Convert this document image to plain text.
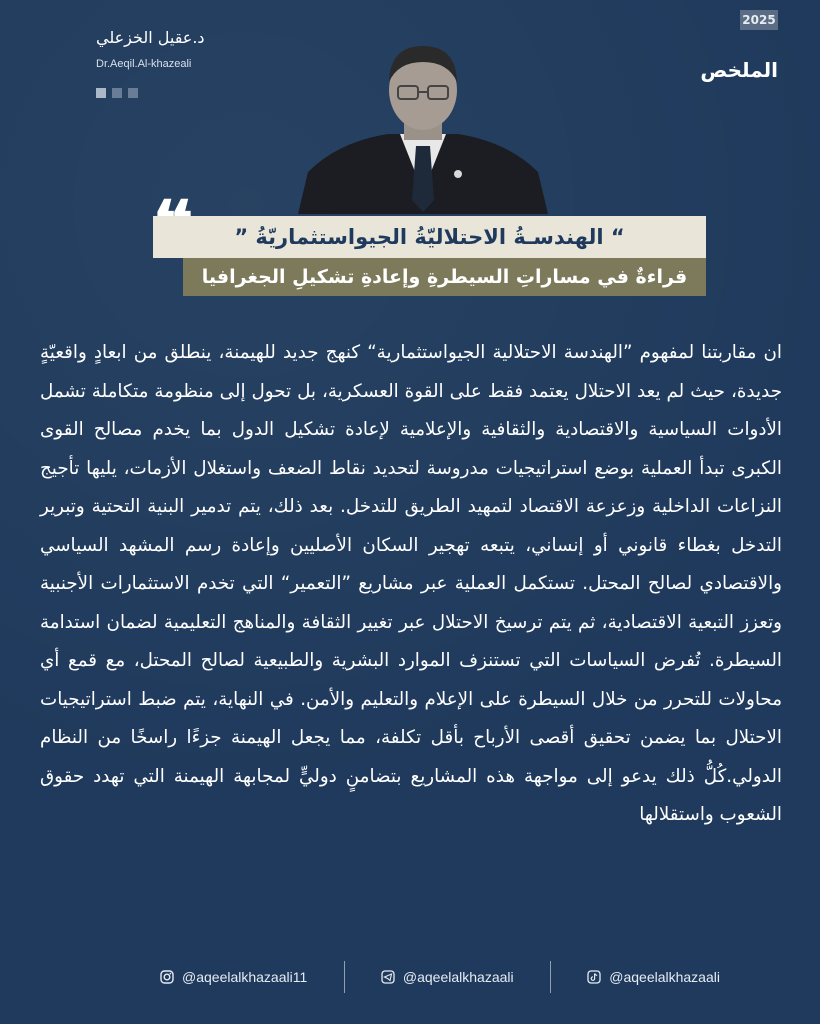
2025
الملخص
د.عقيل الخزعلي
Dr.Aeqil.Al-khazeali
“ الهندسـةُ الاحتلاليّةُ الجيواستثماريّةُ ”
قراءةٌ في مساراتِ السيطرةِ وإعادةِ تشكيلِ الجغرافيا
ان مقاربتنا لمفهوم ”الهندسة الاحتلالية الجيواستثمارية“ كنهج جديد للهيمنة، ينطلق من ابعادٍ واقعيّةٍ جديدة، حيث لم يعد الاحتلال يعتمد فقط على القوة العسكرية، بل تحول إلى منظومة متكاملة تشمل الأدوات السياسية والاقتصادية والثقافية والإعلامية لإعادة تشكيل الدول بما يخدم مصالح القوى الكبرى تبدأ العملية بوضع استراتيجيات مدروسة لتحديد نقاط الضعف واستغلال الأزمات، يليها تأجيج النزاعات الداخلية وزعزعة الاقتصاد لتمهيد الطريق للتدخل. بعد ذلك، يتم تدمير البنية التحتية وتبرير التدخل بغطاء قانوني أو إنساني، يتبعه تهجير السكان الأصليين وإعادة رسم المشهد السياسي والاقتصادي لصالح المحتل. تستكمل العملية عبر مشاريع ”التعمير“ التي تخدم الاستثمارات الأجنبية وتعزز التبعية الاقتصادية، ثم يتم ترسيخ الاحتلال عبر تغيير الثقافة والمناهج التعليمية لضمان استدامة السيطرة. تُفرض السياسات التي تستنزف الموارد البشرية والطبيعية لصالح المحتل، مع قمع أي محاولات للتحرر من خلال السيطرة على الإعلام والتعليم والأمن. في النهاية، يتم ضبط استراتيجيات الاحتلال بما يضمن تحقيق أقصى الأرباح بأقل تكلفة، مما يجعل الهيمنة جزءًا راسخًا من النظام الدولي.كُلُّ ذلك يدعو إلى مواجهة هذه المشاريع بتضامنٍ دوليٍّ لمجابهة الهيمنة التي تهدد حقوق الشعوب واستقلالها
@aqeelalkhazaali11	@aqeelalkhazaali	@aqeelalkhazaali
